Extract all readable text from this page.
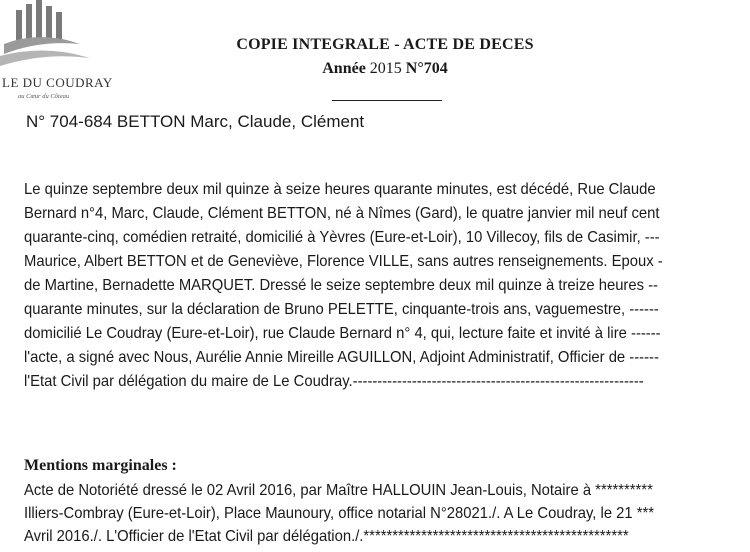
LE DU COUDRAY
au Cœur du Côteau
COPIE INTEGRALE - ACTE DE DECES
Année 2015 N°704
N° 704-684 BETTON Marc, Claude, Clément
Le quinze septembre deux mil quinze à seize heures quarante minutes, est décédé, Rue Claude
Bernard n°4, Marc, Claude, Clément BETTON, né à Nîmes (Gard), le quatre janvier mil neuf cent
quarante-cinq, comédien retraité, domicilié à Yèvres (Eure-et-Loir), 10 Villecoy, fils de Casimir, ---
Maurice, Albert BETTON et de Geneviève, Florence VILLE, sans autres renseignements. Epoux -
de Martine, Bernadette MARQUET. Dressé le seize septembre deux mil quinze à treize heures --
quarante minutes, sur la déclaration de Bruno PELETTE, cinquante-trois ans, vaguemestre, ------
domicilié Le Coudray (Eure-et-Loir), rue Claude Bernard n° 4, qui, lecture faite et invité à lire ------
l'acte, a signé avec Nous, Aurélie Annie Mireille AGUILLON, Adjoint Administratif, Officier de ------
l'Etat Civil par délégation du maire de Le Coudray.-----------------------------------------------------------
Mentions marginales :
Acte de Notoriété dressé le 02 Avril 2016, par Maître HALLOUIN Jean-Louis, Notaire à **********
Illiers-Combray (Eure-et-Loir), Place Maunoury, office notarial N°28021./. A Le Coudray, le 21 ***
Avril 2016./. L'Officier de l'Etat Civil par délégation./.**********************************************
